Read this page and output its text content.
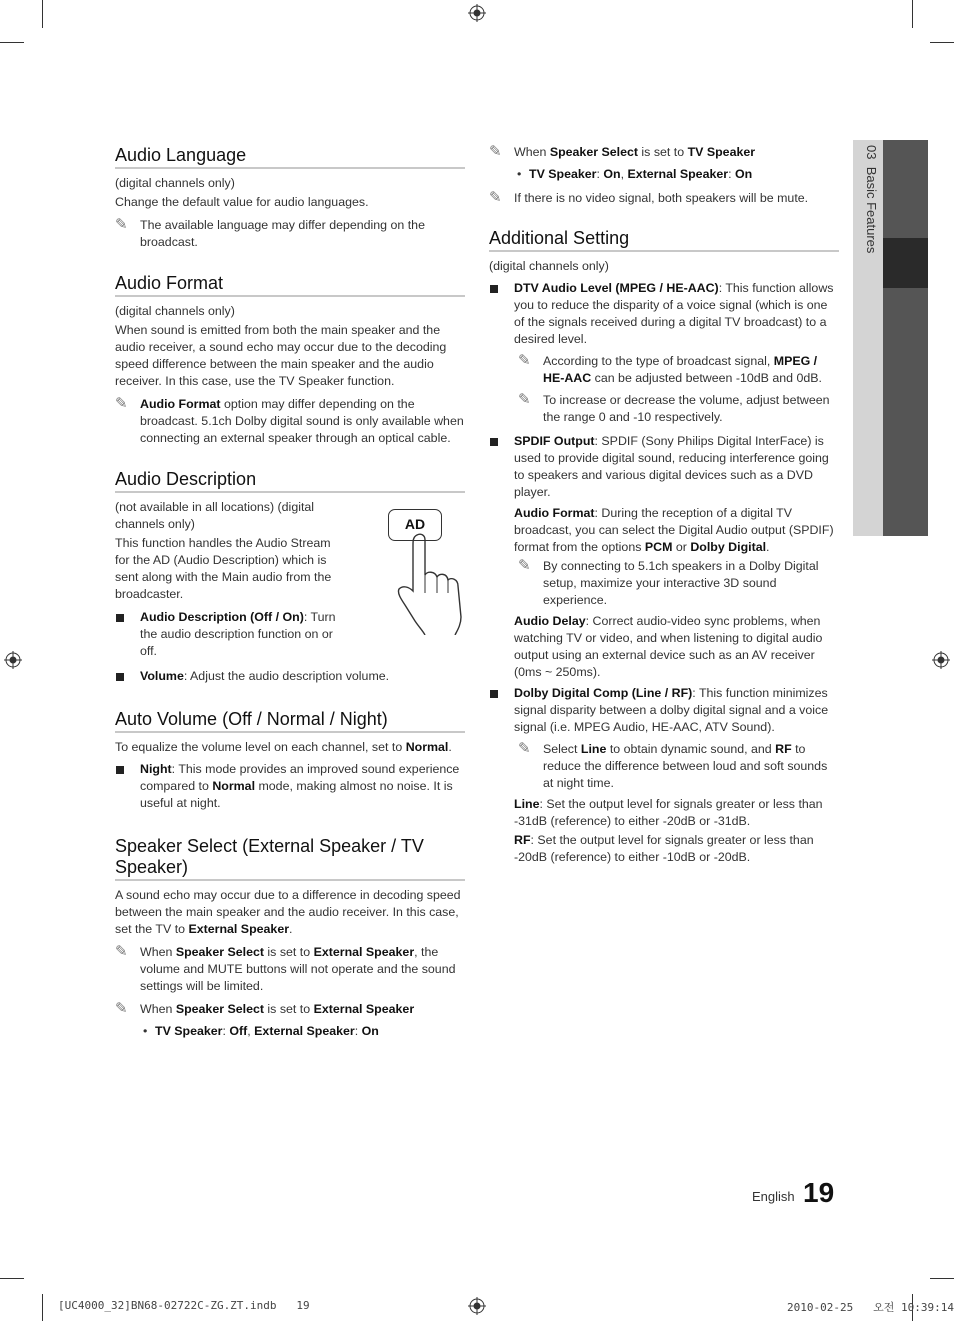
03  Basic Features
Audio Language

(digital channels only)

Change the default value for audio languages.

✎ The available language may differ depending on the broadcast.
Audio Format

(digital channels only)

When sound is emitted from both the main speaker and the audio receiver, a sound echo may occur due to the decoding speed difference between the main speaker and the audio receiver. In this case, use the TV Speaker function.

✎ Audio Format option may differ depending on the broadcast. 5.1ch Dolby digital sound is only available when connecting an external speaker through an optical cable.
Audio Description

(not available in all locations) (digital channels only)

This function handles the Audio Stream for the AD (Audio Description) which is sent along with the Main audio from the broadcaster.

Audio Description (Off / On): Turn the audio description function on or off.
AD
Volume: Adjust the audio description volume.
Auto Volume (Off / Normal / Night)

To equalize the volume level on each channel, set to Normal.

Night: This mode provides an improved sound experience compared to Normal mode, making almost no noise. It is useful at night.
Speaker Select (External Speaker / TV Speaker)

A sound echo may occur due to a difference in decoding speed between the main speaker and the audio receiver. In this case, set the TV to External Speaker.

✎ When Speaker Select is set to External Speaker, the volume and MUTE buttons will not operate and the sound settings will be limited.
✎ When Speaker Select is set to External Speaker
• TV Speaker: Off, External Speaker: On
✎ When Speaker Select is set to TV Speaker
• TV Speaker: On, External Speaker: On
✎ If there is no video signal, both speakers will be mute.
Additional Setting

(digital channels only)

DTV Audio Level (MPEG / HE-AAC): This function allows you to reduce the disparity of a voice signal (which is one of the signals received during a digital TV broadcast) to a desired level.
✎ According to the type of broadcast signal, MPEG / HE-AAC can be adjusted between -10dB and 0dB.
✎ To increase or decrease the volume, adjust between the range 0 and -10 respectively.
SPDIF Output: SPDIF (Sony Philips Digital InterFace) is used to provide digital sound, reducing interference going to speakers and various digital devices such as a DVD player.

Audio Format: During the reception of a digital TV broadcast, you can select the Digital Audio output (SPDIF) format from the options PCM or Dolby Digital.

✎ By connecting to 5.1ch speakers in a Dolby Digital setup, maximize your interactive 3D sound experience.

Audio Delay: Correct audio-video sync problems, when watching TV or video, and when listening to digital audio output using an external device such as an AV receiver (0ms ~ 250ms).

Dolby Digital Comp (Line / RF): This function minimizes signal disparity between a dolby digital signal and a voice signal (i.e. MPEG Audio, HE-AAC, ATV Sound).
✎ Select Line to obtain dynamic sound, and RF to reduce the difference between loud and soft sounds at night time.

Line: Set the output level for signals greater or less than -31dB (reference) to either -20dB or -31dB.

RF: Set the output level for signals greater or less than -20dB (reference) to either -10dB or -20dB.

English 19
[UC4000_32]BN68-02722C-ZG.ZT.indb   19	2010-02-25   오전 10:39:14
